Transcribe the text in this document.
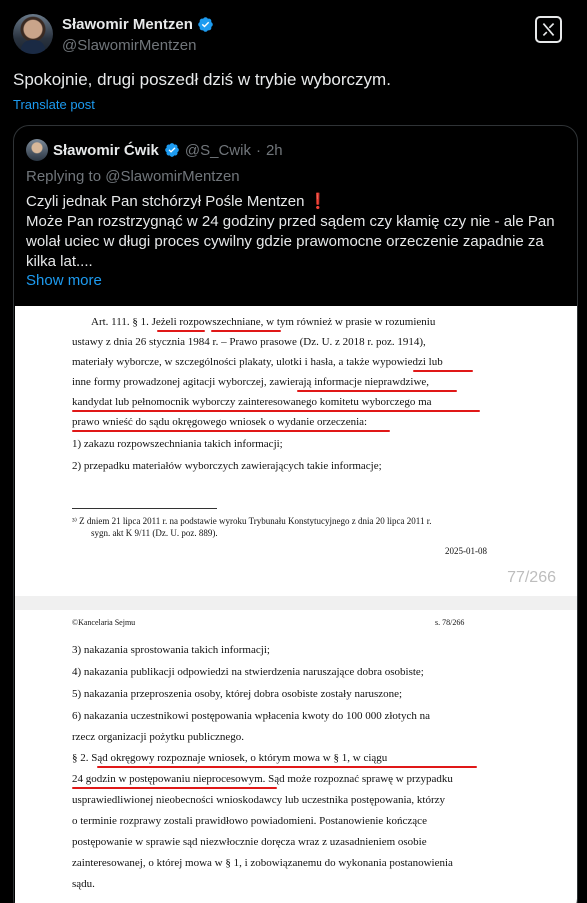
Sławomir Mentzen
@SlawomirMentzen
Spokojnie, drugi poszedł dziś w trybie wyborczym.
Translate post
Sławomir Ćwik @S_Cwik · 2h
Replying to @SlawomirMentzen

Czyli jednak Pan stchórzył Pośle Mentzen ❗

Może Pan rozstrzygnąć w 24 godziny przed sądem czy kłamię czy nie - ale Pan wolał uciec w długi proces cywilny gdzie prawomocne orzeczenie zapadnie za kilka lat....

Show more
Art. 111. § 1. Jeżeli rozpowszechniane, w tym również w prasie w rozumieniu
ustawy z dnia 26 stycznia 1984 r. – Prawo prasowe (Dz. U. z 2018 r. poz. 1914),
materiały wyborcze, w szczególności plakaty, ulotki i hasła, a także wypowiedzi lub
inne formy prowadzonej agitacji wyborczej, zawierają informacje nieprawdziwe,
kandydat lub pełnomocnik wyborczy zainteresowanego komitetu wyborczego ma
prawo wnieść do sądu okręgowego wniosek o wydanie orzeczenia:
1) zakazu rozpowszechniania takich informacji;
2) przepadku materiałów wyborczych zawierających takie informacje;
³⁾ Z dniem 21 lipca 2011 r. na podstawie wyroku Trybunału Konstytucyjnego z dnia 20 lipca 2011 r.
sygn. akt K 9/11 (Dz. U. poz. 889).
2025-01-08
77/266
©Kancelaria Sejmu	s. 78/266
3) nakazania sprostowania takich informacji;
4) nakazania publikacji odpowiedzi na stwierdzenia naruszające dobra osobiste;
5) nakazania przeproszenia osoby, której dobra osobiste zostały naruszone;
6) nakazania uczestnikowi postępowania wpłacenia kwoty do 100 000 złotych na
rzecz organizacji pożytku publicznego.
§ 2. Sąd okręgowy rozpoznaje wniosek, o którym mowa w § 1, w ciągu
24 godzin w postępowaniu nieprocesowym. Sąd może rozpoznać sprawę w przypadku
usprawiedliwionej nieobecności wnioskodawcy lub uczestnika postępowania, którzy
o terminie rozprawy zostali prawidłowo powiadomieni. Postanowienie kończące
postępowanie w sprawie sąd niezwłocznie doręcza wraz z uzasadnieniem osobie
zainteresowanej, o której mowa w § 1, i zobowiązanemu do wykonania postanowienia
sądu.
